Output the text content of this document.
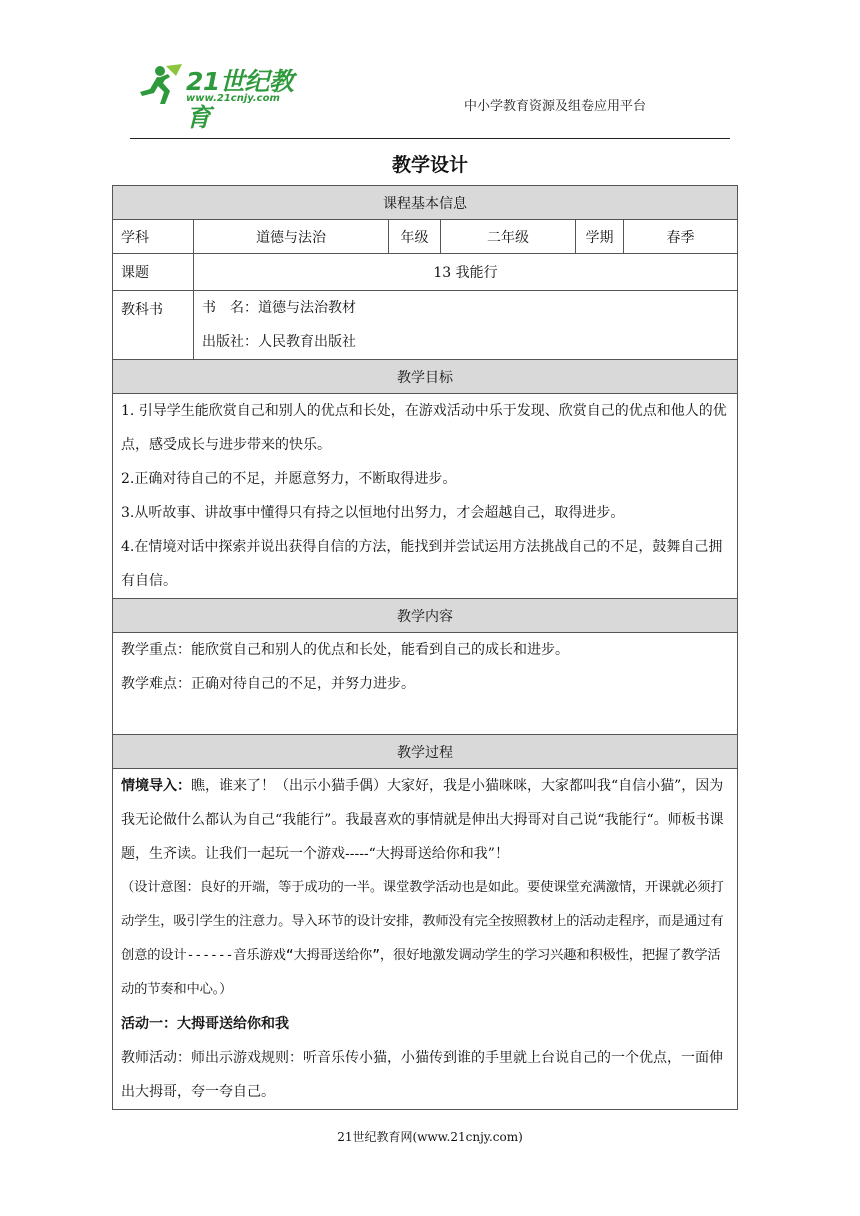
21世纪教育
www.21cnjy.com
中小学教育资源及组卷应用平台
教学设计
课程基本信息					
学科	道德与法治	年级	二年级	学期	春季
课题	13 我能行				
教科书	书　名：道德与法治教材
出版社：人民教育出版社				

教学目标					

1. 引导学生能欣赏自己和别人的优点和长处，在游戏活动中乐于发现、欣赏自己的优点和他人的优点，感受成长与进步带来的快乐。

2.正确对待自己的不足，并愿意努力，不断取得进步。

3.从听故事、讲故事中懂得只有持之以恒地付出努力，才会超越自己，取得进步。

4.在情境对话中探索并说出获得自信的方法，能找到并尝试运用方法挑战自己的不足，鼓舞自己拥有自信。					

教学内容					

教学重点：能欣赏自己和别人的优点和长处，能看到自己的成长和进步。

教学难点：正确对待自己的不足，并努力进步。					

教学过程					

情境导入：瞧，谁来了！（出示小猫手偶）大家好，我是小猫咪咪，大家都叫我“自信小猫”，因为我无论做什么都认为自己“我能行”。我最喜欢的事情就是伸出大拇哥对自己说“我能行“。师板书课题，生齐读。让我们一起玩一个游戏-----“大拇哥送给你和我”！

（设计意图：良好的开端，等于成功的一半。课堂教学活动也是如此。要使课堂充满激情，开课就必须打动学生，吸引学生的注意力。导入环节的设计安排，教师没有完全按照教材上的活动走程序，而是通过有创意的设计------音乐游戏“大拇哥送给你”，很好地激发调动学生的学习兴趣和积极性，把握了教学活动的节奏和中心。）

活动一：大拇哥送给你和我

教师活动：师出示游戏规则：听音乐传小猫，小猫传到谁的手里就上台说自己的一个优点，一面伸出大拇哥，夸一夸自己。					

21世纪教育网(www.21cnjy.com)
